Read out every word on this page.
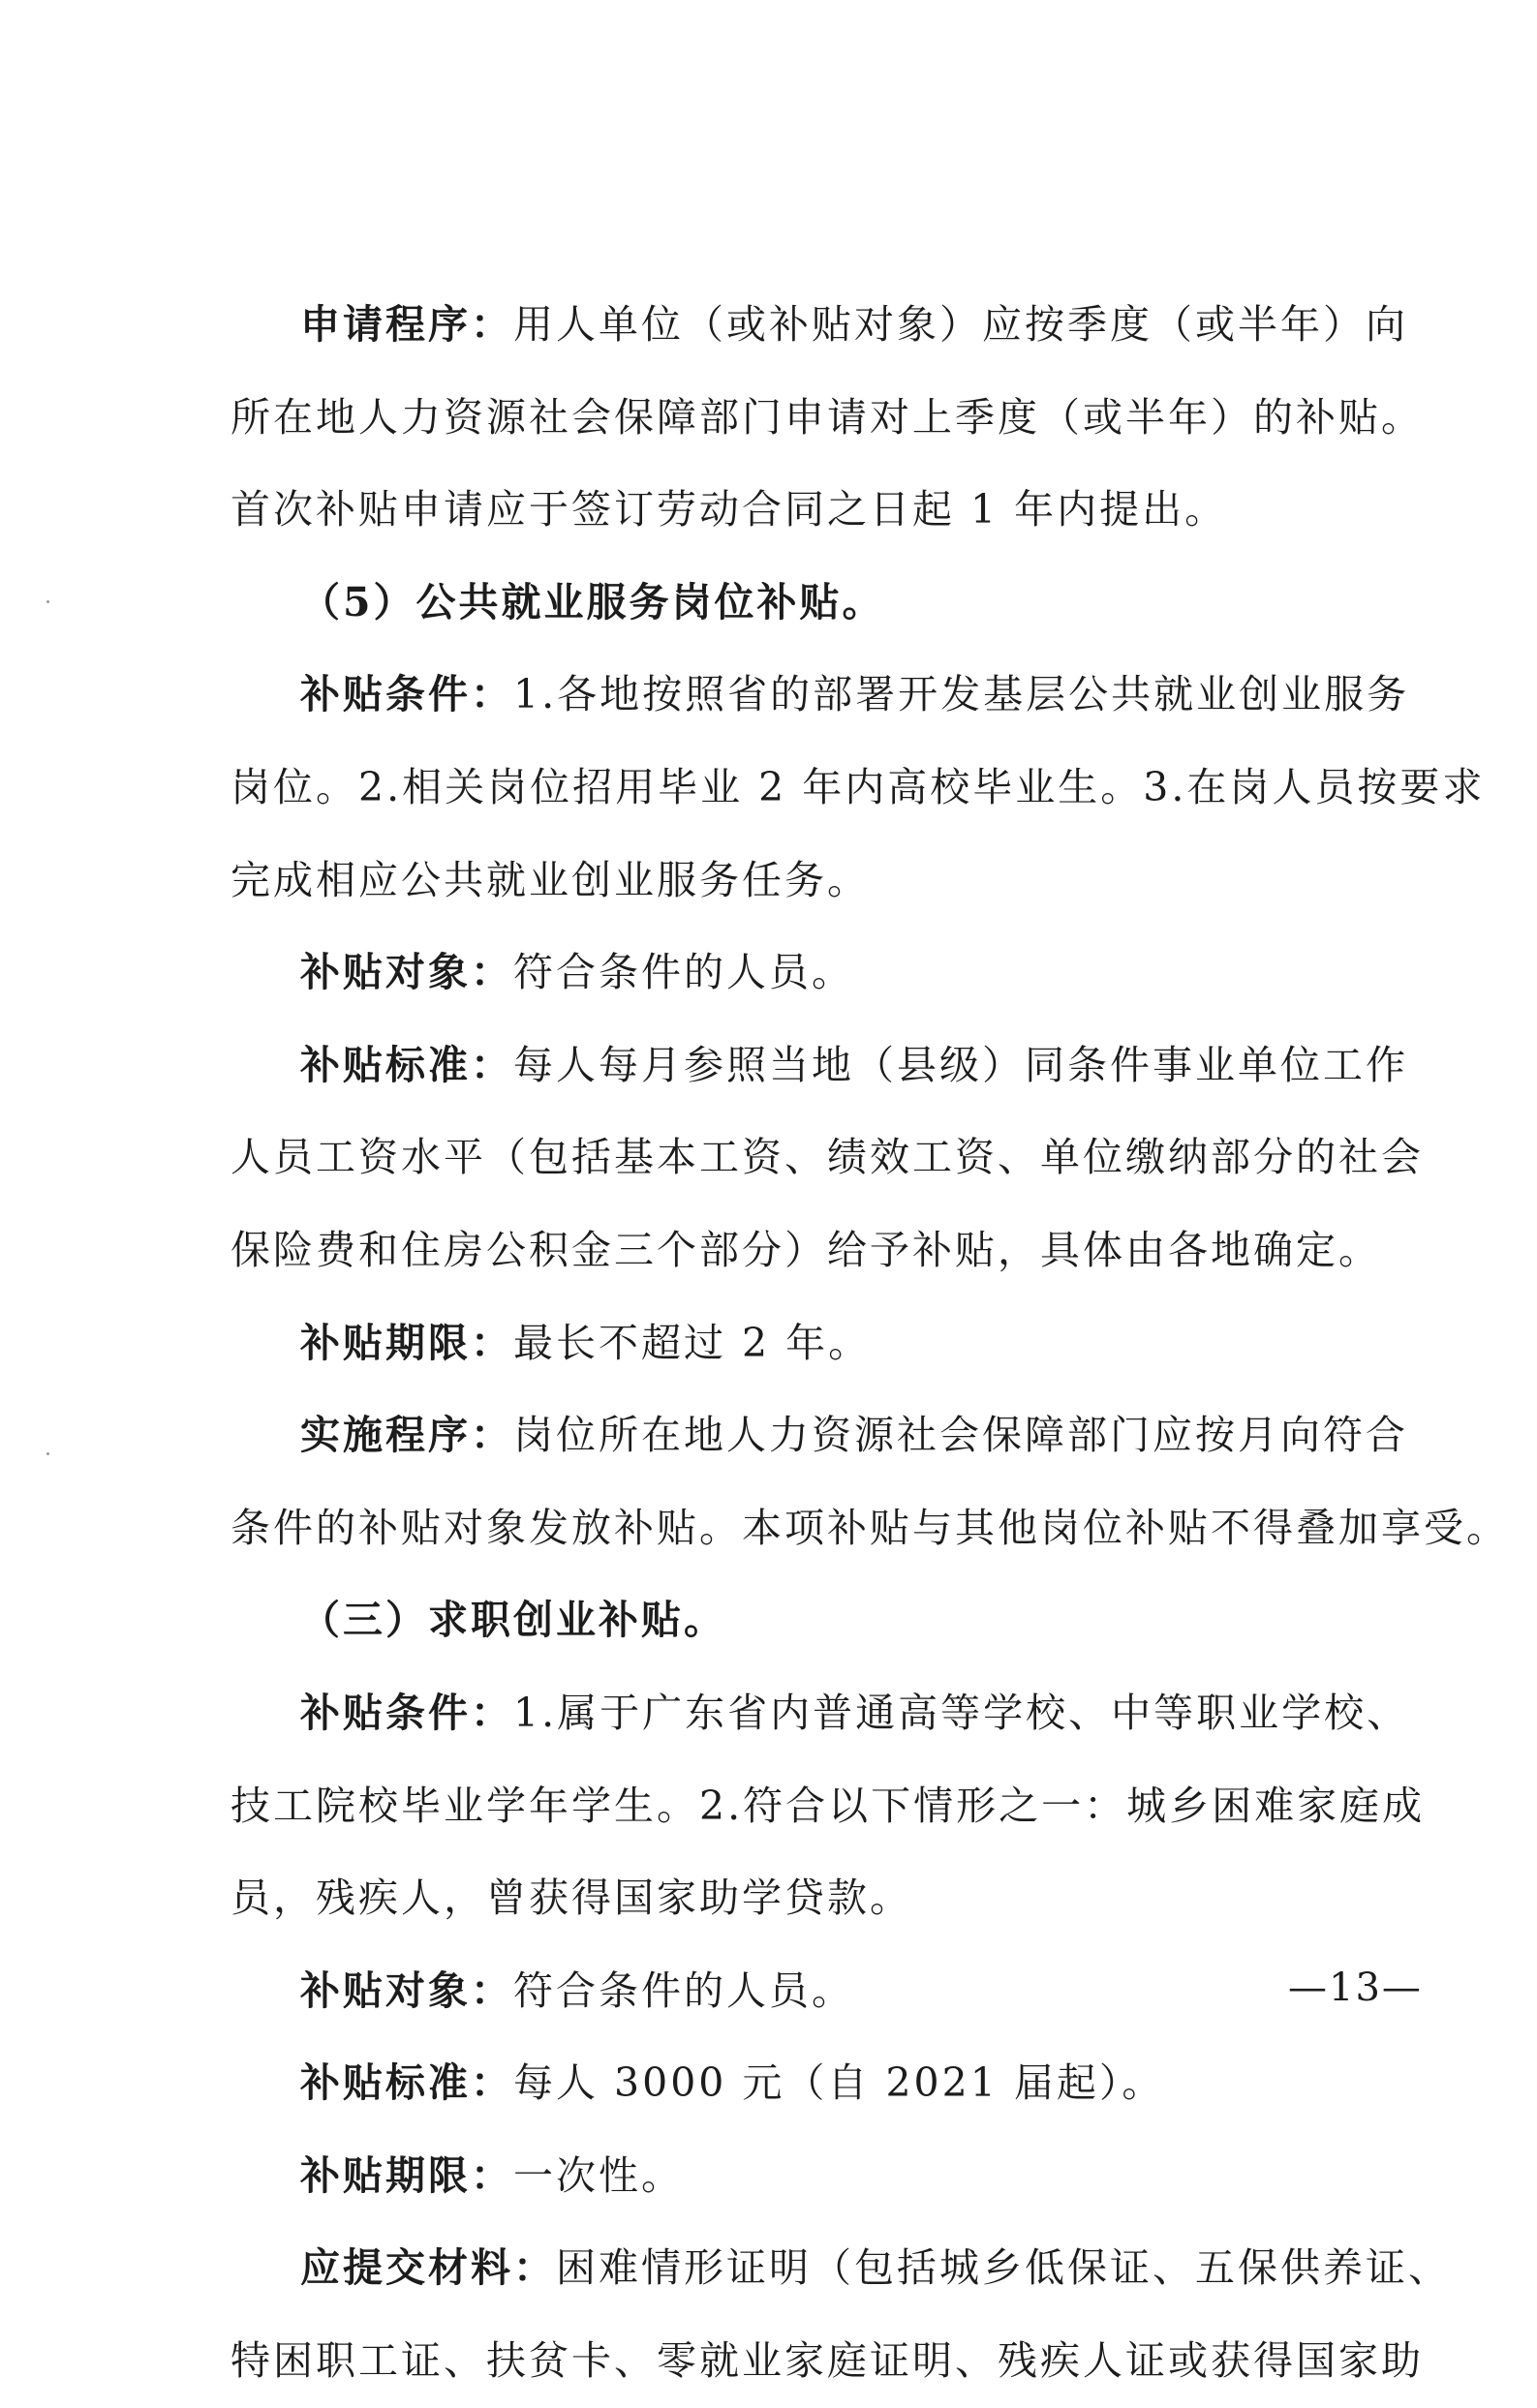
申请程序：用人单位（或补贴对象）应按季度（或半年）向
所在地人力资源社会保障部门申请对上季度（或半年）的补贴。
首次补贴申请应于签订劳动合同之日起 1 年内提出。
（5）公共就业服务岗位补贴。
补贴条件：1.各地按照省的部署开发基层公共就业创业服务
岗位。2.相关岗位招用毕业 2 年内高校毕业生。3.在岗人员按要求
完成相应公共就业创业服务任务。
补贴对象：符合条件的人员。
补贴标准：每人每月参照当地（县级）同条件事业单位工作
人员工资水平（包括基本工资、绩效工资、单位缴纳部分的社会
保险费和住房公积金三个部分）给予补贴，具体由各地确定。
补贴期限：最长不超过 2 年。
实施程序：岗位所在地人力资源社会保障部门应按月向符合
条件的补贴对象发放补贴。本项补贴与其他岗位补贴不得叠加享受。
（三）求职创业补贴。
补贴条件：1.属于广东省内普通高等学校、中等职业学校、
技工院校毕业学年学生。2.符合以下情形之一：城乡困难家庭成
员，残疾人，曾获得国家助学贷款。
补贴对象：符合条件的人员。
补贴标准：每人 3000 元（自 2021 届起）。
补贴期限：一次性。
应提交材料：困难情形证明（包括城乡低保证、五保供养证、
特困职工证、扶贫卡、零就业家庭证明、残疾人证或获得国家助
—13—
